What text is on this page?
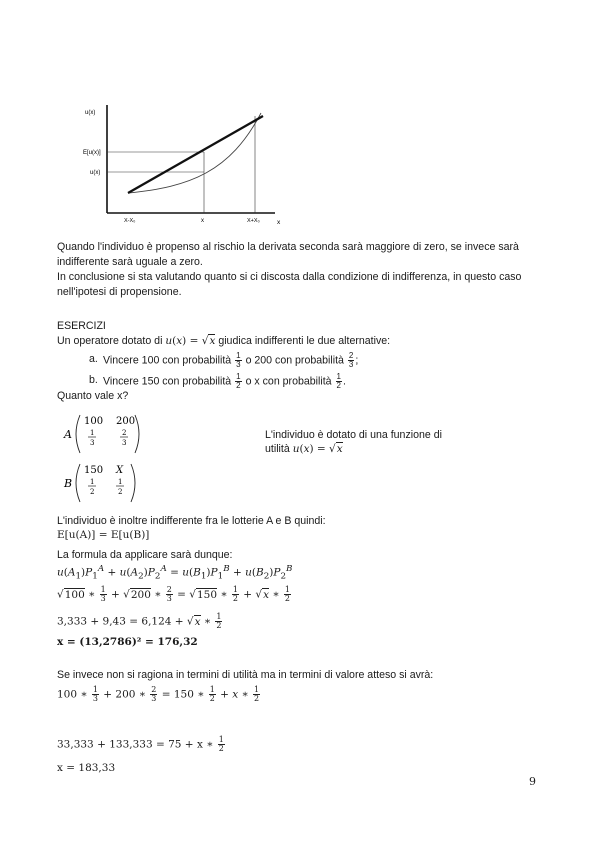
u(x)
E[u(x)]
u(x)
X-X₀	x	X+X₀	x
Quando l'individuo è propenso al rischio la derivata seconda sarà maggiore di zero, se invece sarà
indifferente sarà uguale a zero.
In conclusione si sta valutando quanto si ci discosta dalla condizione di indifferenza, in questo caso
nell'ipotesi di propensione.
ESERCIZI
Un operatore dotato di u(x) = √x giudica indifferenti le due alternative:
a. Vincere 100 con probabilità $\frac{1}{3}$ o 200 con probabilità $\frac{2}{3}$ ;
b. Vincere 150 con probabilità $\frac{1}{2}$ o x con probabilità $\frac{1}{2}$ .
Quanto vale x?
A
100 200
1
3
2
3
B
150 X
1
2
1
2
L'individuo è dotato di una funzione di
utilità u(x) = √x
L'individuo è inoltre indifferente fra le lotterie A e B quindi:
E[u(A)] = E[u(B)]
La formula da applicare sarà dunque:
$u(A_1)P_1^A + u(A_2)P_2^A = u(B_1)P_1^B + u(B_2)P_2^B$
√100 ∗ $\frac{1}{3} + √200$ ∗ $\frac{2}{3} = √150$ ∗ $\frac{1}{2} + √x$ ∗ $\frac{1}{2}$
3,333 + 9,43 = 6,124 + √x ∗ $\frac{1}{2}$
x = (13,2786)² = 176,32
Se invece non si ragiona in termini di utilità ma in termini di valore atteso si avrà:
100 ∗ $\frac{1}{3} + 200$ ∗ $\frac{2}{3} = 150$ ∗ $\frac{1}{2} + x$ ∗ $\frac{1}{2}$
33,333 + 133,333 = 75 + x ∗ $\frac{1}{2}$
x = 183,33
9
